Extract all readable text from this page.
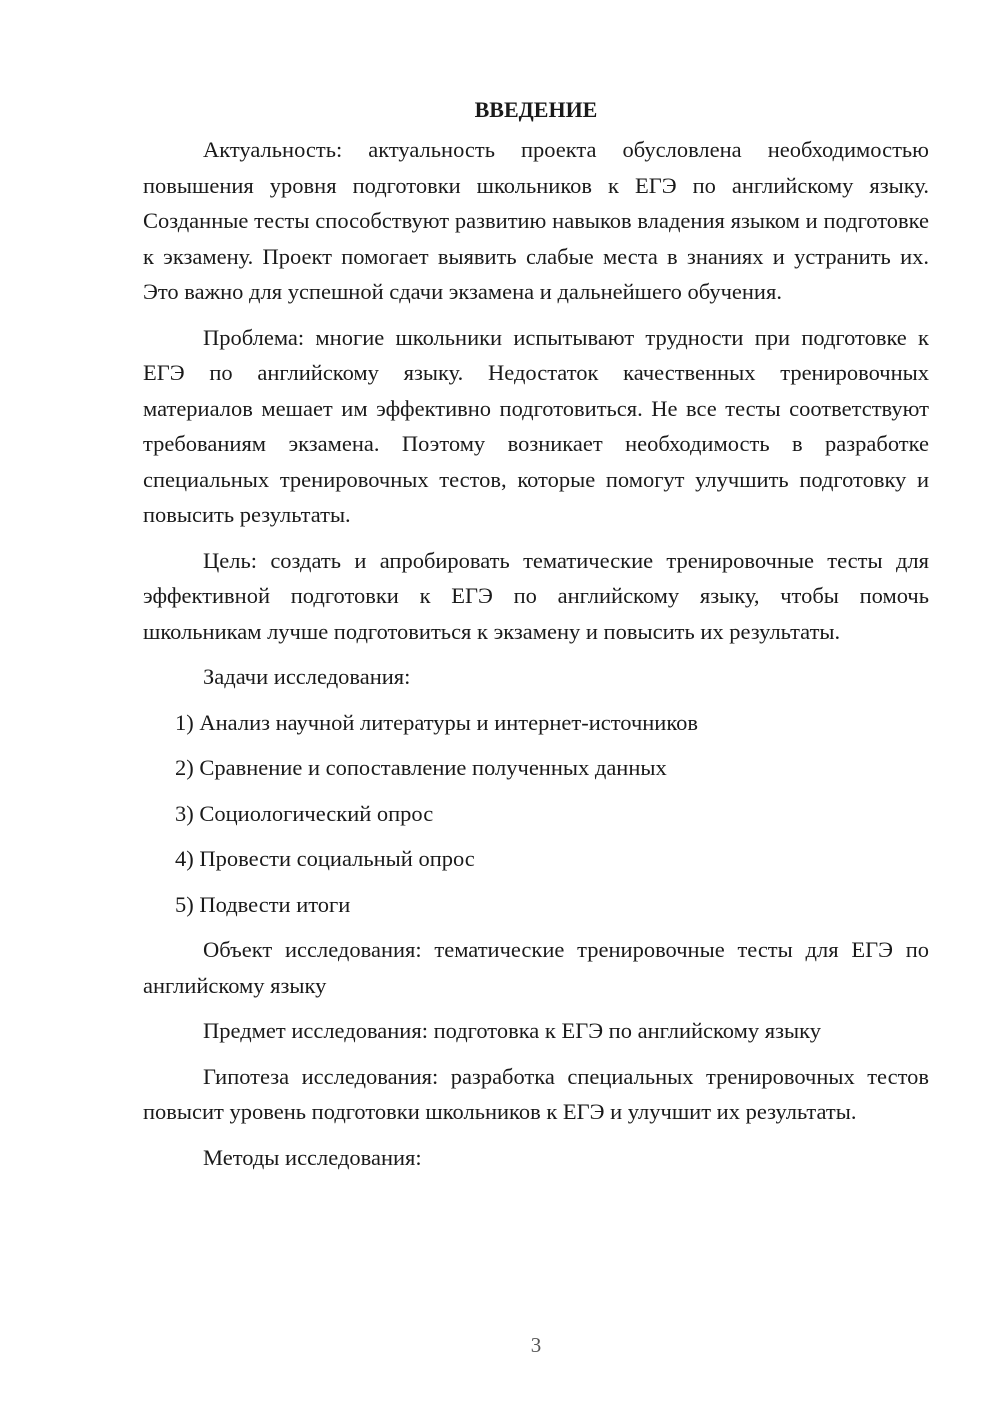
ВВЕДЕНИЕ

Актуальность: актуальность проекта обусловлена необходимостью повышения уровня подготовки школьников к ЕГЭ по английскому языку. Созданные тесты способствуют развитию навыков владения языком и подготовке к экзамену. Проект помогает выявить слабые места в знаниях и устранить их. Это важно для успешной сдачи экзамена и дальнейшего обучения.

Проблема: многие школьники испытывают трудности при подготовке к ЕГЭ по английскому языку. Недостаток качественных тренировочных материалов мешает им эффективно подготовиться. Не все тесты соответствуют требованиям экзамена. Поэтому возникает необходимость в разработке специальных тренировочных тестов, которые помогут улучшить подготовку и повысить результаты.

Цель: создать и апробировать тематические тренировочные тесты для эффективной подготовки к ЕГЭ по английскому языку, чтобы помочь школьникам лучше подготовиться к экзамену и повысить их результаты.

Задачи исследования:

1) Анализ научной литературы и интернет-источников
2) Сравнение и сопоставление полученных данных
3) Социологический опрос
4) Провести социальный опрос
5) Подвести итоги

Объект исследования: тематические тренировочные тесты для ЕГЭ по английскому языку

Предмет исследования: подготовка к ЕГЭ по английскому языку

Гипотеза исследования: разработка специальных тренировочных тестов повысит уровень подготовки школьников к ЕГЭ и улучшит их результаты.

Методы исследования:

3
